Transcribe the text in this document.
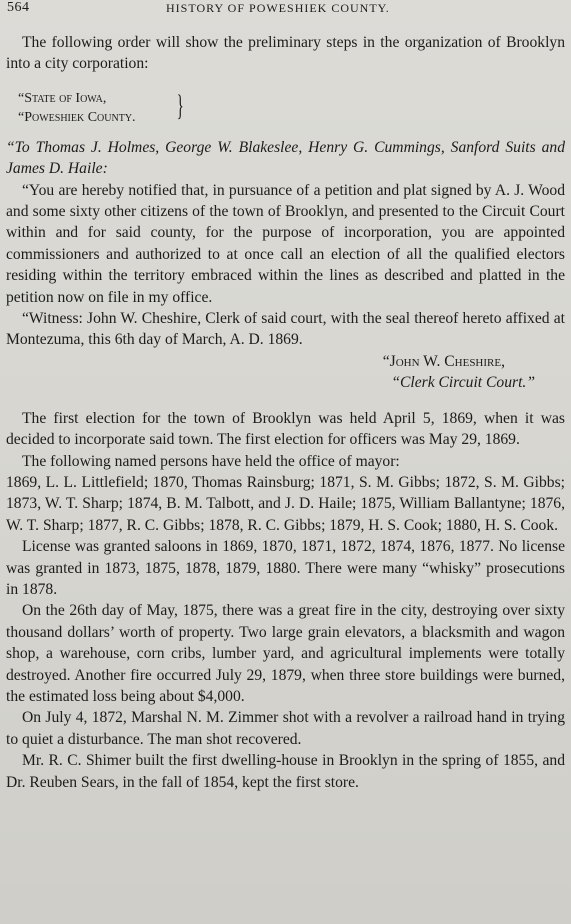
564	HISTORY OF POWESHIEK COUNTY.

The following order will show the preliminary steps in the organization of Brooklyn into a city corporation:

“State of Iowa,
“Poweshiek County.	}

“To Thomas J. Holmes, George W. Blakeslee, Henry G. Cummings, Sanford Suits and James D. Haile:

“You are hereby notified that, in pursuance of a petition and plat signed by A. J. Wood and some sixty other citizens of the town of Brooklyn, and presented to the Circuit Court within and for said county, for the purpose of incorporation, you are appointed commissioners and authorized to at once call an election of all the qualified electors residing within the territory embraced within the lines as described and platted in the petition now on file in my office.

“Witness: John W. Cheshire, Clerk of said court, with the seal thereof hereto affixed at Montezuma, this 6th day of March, A. D. 1869.

“John W. Cheshire,
“Clerk Circuit Court.”

The first election for the town of Brooklyn was held April 5, 1869, when it was decided to incorporate said town. The first election for officers was May 29, 1869.

The following named persons have held the office of mayor:

1869, L. L. Littlefield; 1870, Thomas Rainsburg; 1871, S. M. Gibbs; 1872, S. M. Gibbs; 1873, W. T. Sharp; 1874, B. M. Talbott, and J. D. Haile; 1875, William Ballantyne; 1876, W. T. Sharp; 1877, R. C. Gibbs; 1878, R. C. Gibbs; 1879, H. S. Cook; 1880, H. S. Cook.

License was granted saloons in 1869, 1870, 1871, 1872, 1874, 1876, 1877. No license was granted in 1873, 1875, 1878, 1879, 1880. There were many “whisky” prosecutions in 1878.

On the 26th day of May, 1875, there was a great fire in the city, destroying over sixty thousand dollars’ worth of property. Two large grain elevators, a blacksmith and wagon shop, a warehouse, corn cribs, lumber yard, and agricultural implements were totally destroyed. Another fire occurred July 29, 1879, when three store buildings were burned, the estimated loss being about $4,000.

On July 4, 1872, Marshal N. M. Zimmer shot with a revolver a railroad hand in trying to quiet a disturbance. The man shot recovered.

Mr. R. C. Shimer built the first dwelling-house in Brooklyn in the spring of 1855, and Dr. Reuben Sears, in the fall of 1854, kept the first store.
